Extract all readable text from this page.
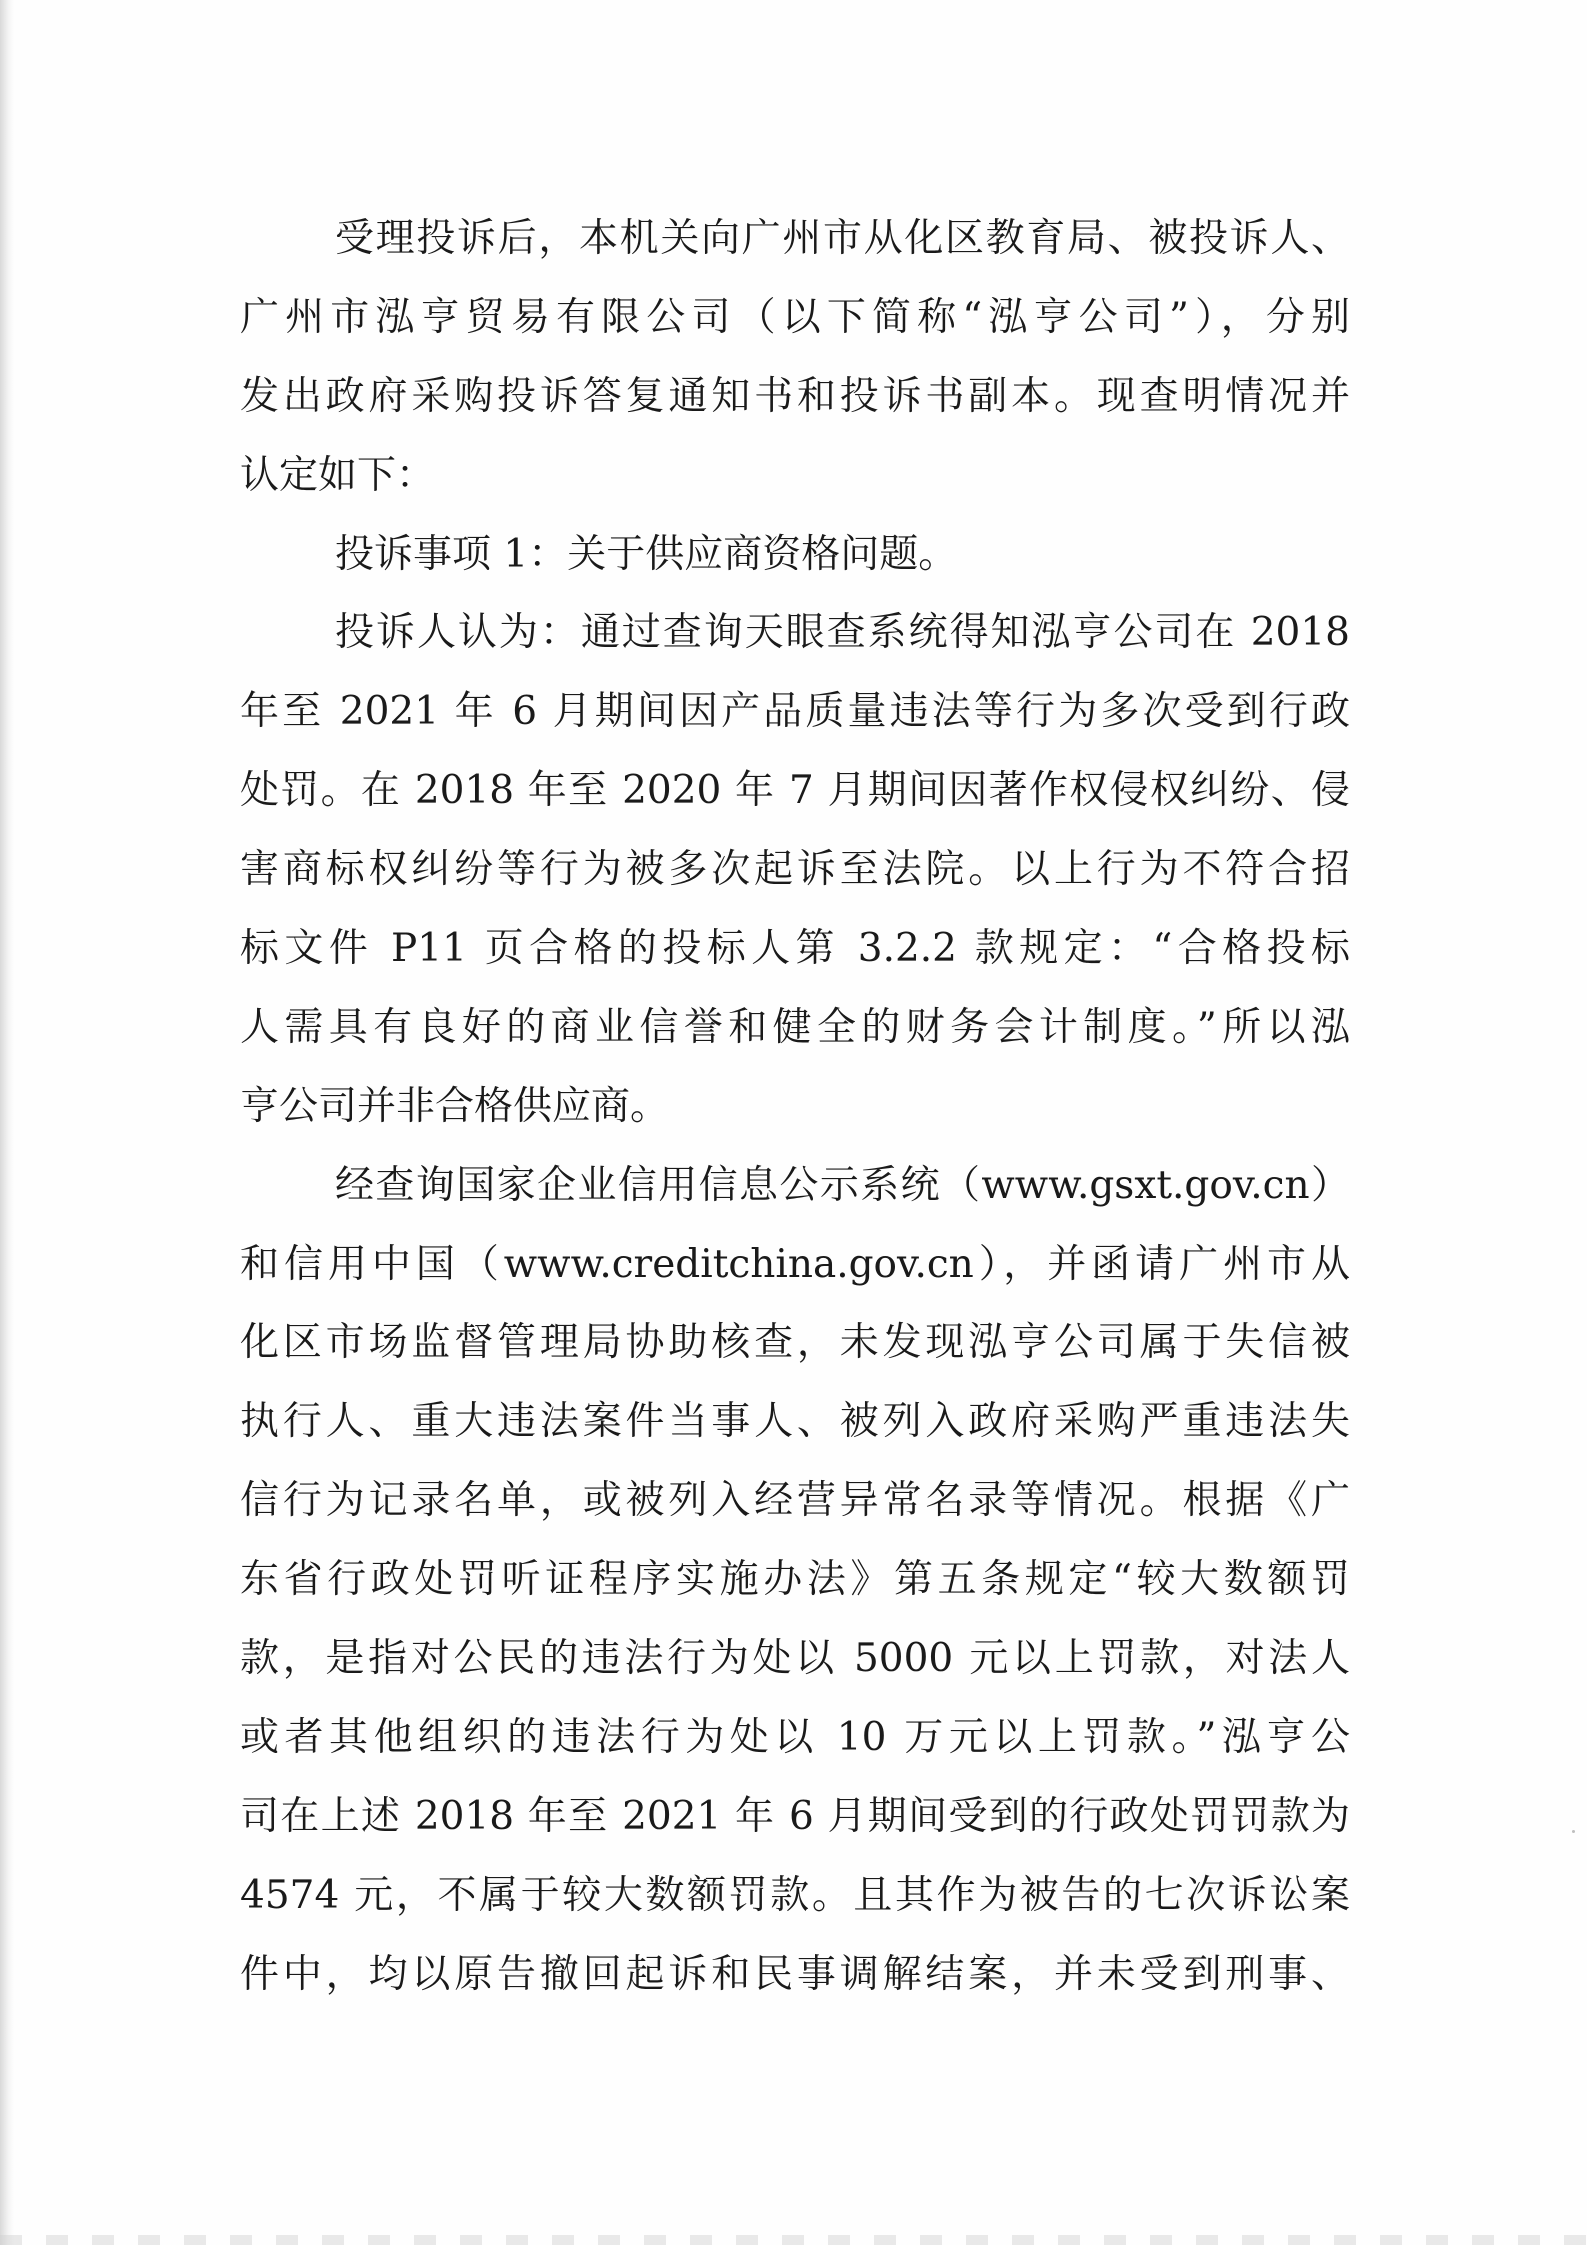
受理投诉后，本机关向广州市从化区教育局、被投诉人、
广州市泓亨贸易有限公司（以下简称“泓亨公司”），分别
发出政府采购投诉答复通知书和投诉书副本。现查明情况并
认定如下：
投诉事项 1：关于供应商资格问题。
投诉人认为：通过查询天眼查系统得知泓亨公司在 2018
年至 2021 年 6 月期间因产品质量违法等行为多次受到行政
处罚。在 2018 年至 2020 年 7 月期间因著作权侵权纠纷、侵
害商标权纠纷等行为被多次起诉至法院。以上行为不符合招
标文件 P11 页合格的投标人第 3.2.2 款规定：“合格投标
人需具有良好的商业信誉和健全的财务会计制度。”所以泓
亨公司并非合格供应商。
经查询国家企业信用信息公示系统（www.gsxt.gov.cn）
和信用中国（www.creditchina.gov.cn），并函请广州市从
化区市场监督管理局协助核查，未发现泓亨公司属于失信被
执行人、重大违法案件当事人、被列入政府采购严重违法失
信行为记录名单，或被列入经营异常名录等情况。根据《广
东省行政处罚听证程序实施办法》第五条规定“较大数额罚
款，是指对公民的违法行为处以 5000 元以上罚款，对法人
或者其他组织的违法行为处以 10 万元以上罚款。”泓亨公
司在上述 2018 年至 2021 年 6 月期间受到的行政处罚罚款为
4574 元，不属于较大数额罚款。且其作为被告的七次诉讼案
件中，均以原告撤回起诉和民事调解结案，并未受到刑事、
